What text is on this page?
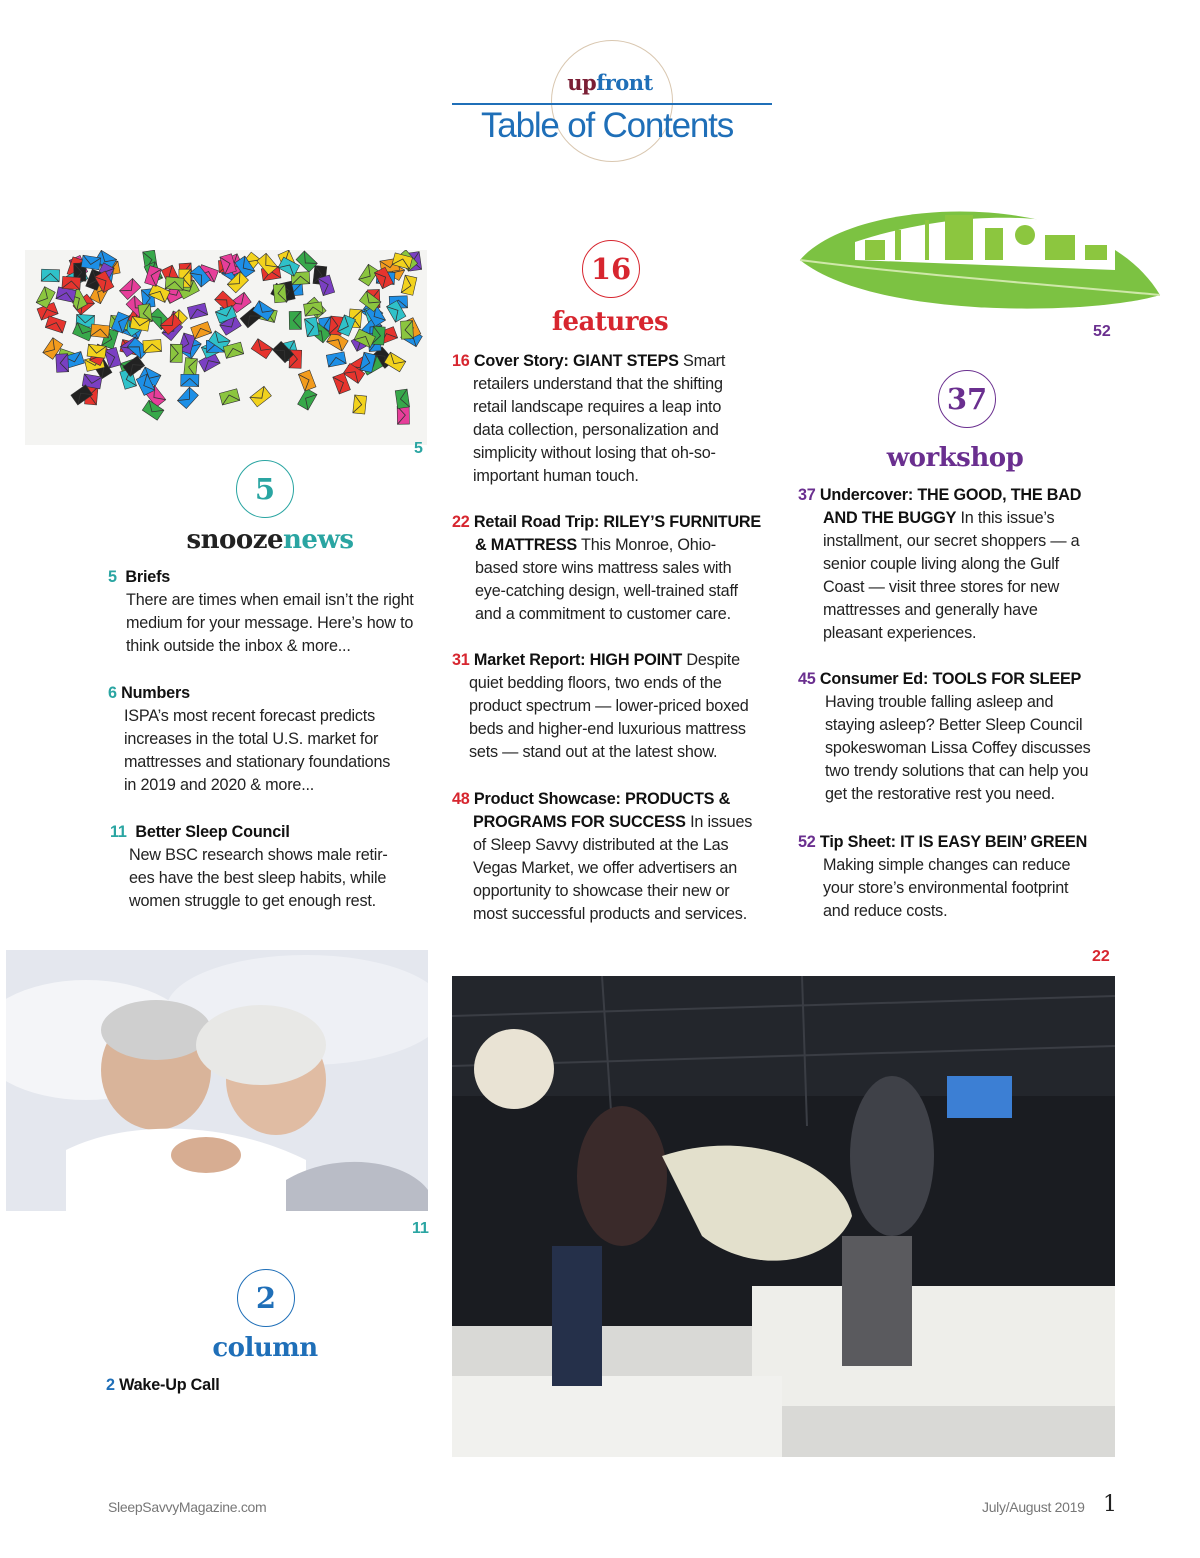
upfront
Table of Contents
5
52
5
snoozenews
5 Briefs
There are times when email isn’t the right
medium for your message. Here’s how to
think outside the inbox & more...
6 Numbers
ISPA’s most recent forecast predicts
increases in the total U.S. market for
mattresses and stationary foundations
in 2019 and 2020 & more...
11 Better Sleep Council
New BSC research shows male retir-
ees have the best sleep habits, while
women struggle to get enough rest.
16
features
16 Cover Story: GIANT STEPS Smart
retailers understand that the shifting
retail landscape requires a leap into
data collection, personalization and
simplicity without losing that oh-so-
important human touch.
22 Retail Road Trip: RILEY’S FURNITURE
& MATTRESS This Monroe, Ohio-
based store wins mattress sales with
eye-catching design, well-trained staff
and a commitment to customer care.
31 Market Report: HIGH POINT Despite
quiet bedding floors, two ends of the
product spectrum — lower-priced boxed
beds and higher-end luxurious mattress
sets — stand out at the latest show.
48 Product Showcase: PRODUCTS &
PROGRAMS FOR SUCCESS In issues
of Sleep Savvy distributed at the Las
Vegas Market, we offer advertisers an
opportunity to showcase their new or
most successful products and services.
37
workshop
37 Undercover: THE GOOD, THE BAD
AND THE BUGGY In this issue’s
installment, our secret shoppers — a
senior couple living along the Gulf
Coast — visit three stores for new
mattresses and generally have
pleasant experiences.
45 Consumer Ed: TOOLS FOR SLEEP
Having trouble falling asleep and
staying asleep? Better Sleep Council
spokeswoman Lissa Coffey discusses
two trendy solutions that can help you
get the restorative rest you need.
52 Tip Sheet: IT IS EASY BEIN’ GREEN
Making simple changes can reduce
your store’s environmental footprint
and reduce costs.
11
22
2
column
2 Wake-Up Call
SleepSavvyMagazine.com	July/August 2019 1
